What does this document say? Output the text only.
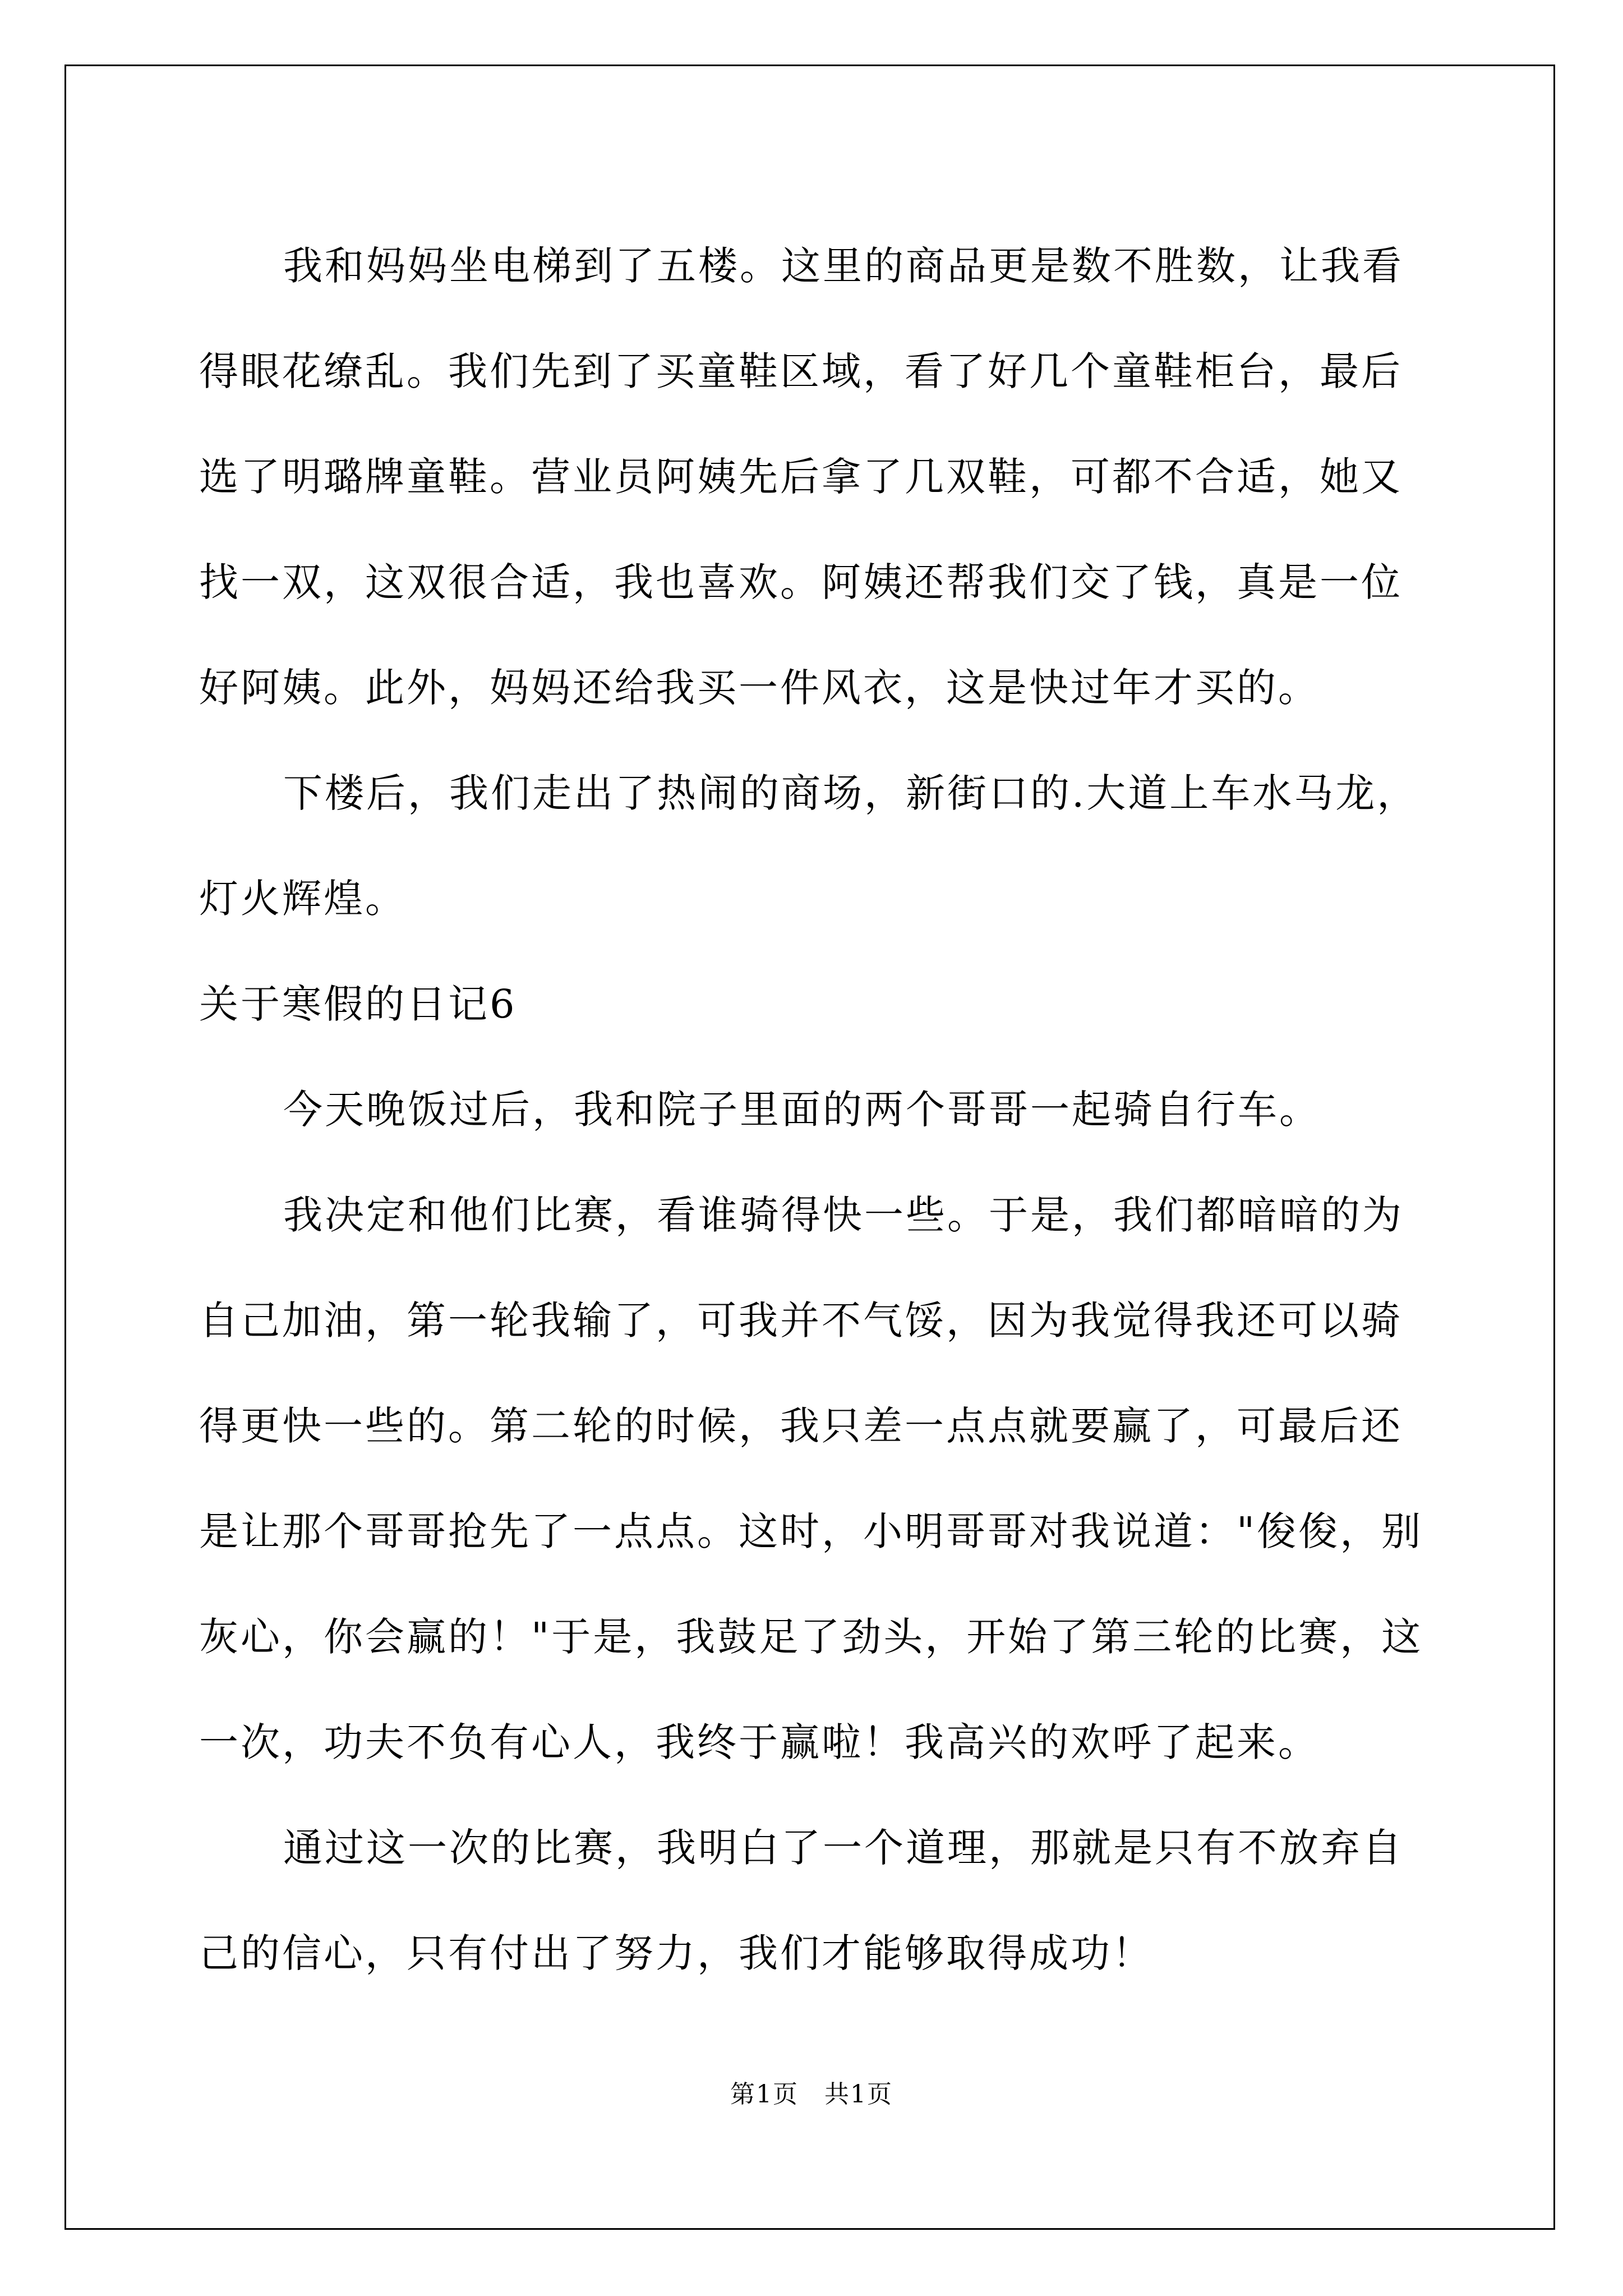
我和妈妈坐电梯到了五楼。这里的商品更是数不胜数，让我看得眼花缭乱。我们先到了买童鞋区域，看了好几个童鞋柜台，最后选了明璐牌童鞋。营业员阿姨先后拿了几双鞋，可都不合适，她又找一双，这双很合适，我也喜欢。阿姨还帮我们交了钱，真是一位好阿姨。此外，妈妈还给我买一件风衣，这是快过年才买的。

下楼后，我们走出了热闹的商场，新街口的.大道上车水马龙，灯火辉煌。

关于寒假的日记6

今天晚饭过后，我和院子里面的两个哥哥一起骑自行车。

我决定和他们比赛，看谁骑得快一些。于是，我们都暗暗的为自己加油，第一轮我输了，可我并不气馁，因为我觉得我还可以骑得更快一些的。第二轮的时候，我只差一点点就要赢了，可最后还是让那个哥哥抢先了一点点。这时，小明哥哥对我说道："俊俊，别灰心，你会赢的！"于是，我鼓足了劲头，开始了第三轮的比赛，这一次，功夫不负有心人，我终于赢啦！我高兴的欢呼了起来。

通过这一次的比赛，我明白了一个道理，那就是只有不放弃自己的信心，只有付出了努力，我们才能够取得成功！

第1页　共1页
